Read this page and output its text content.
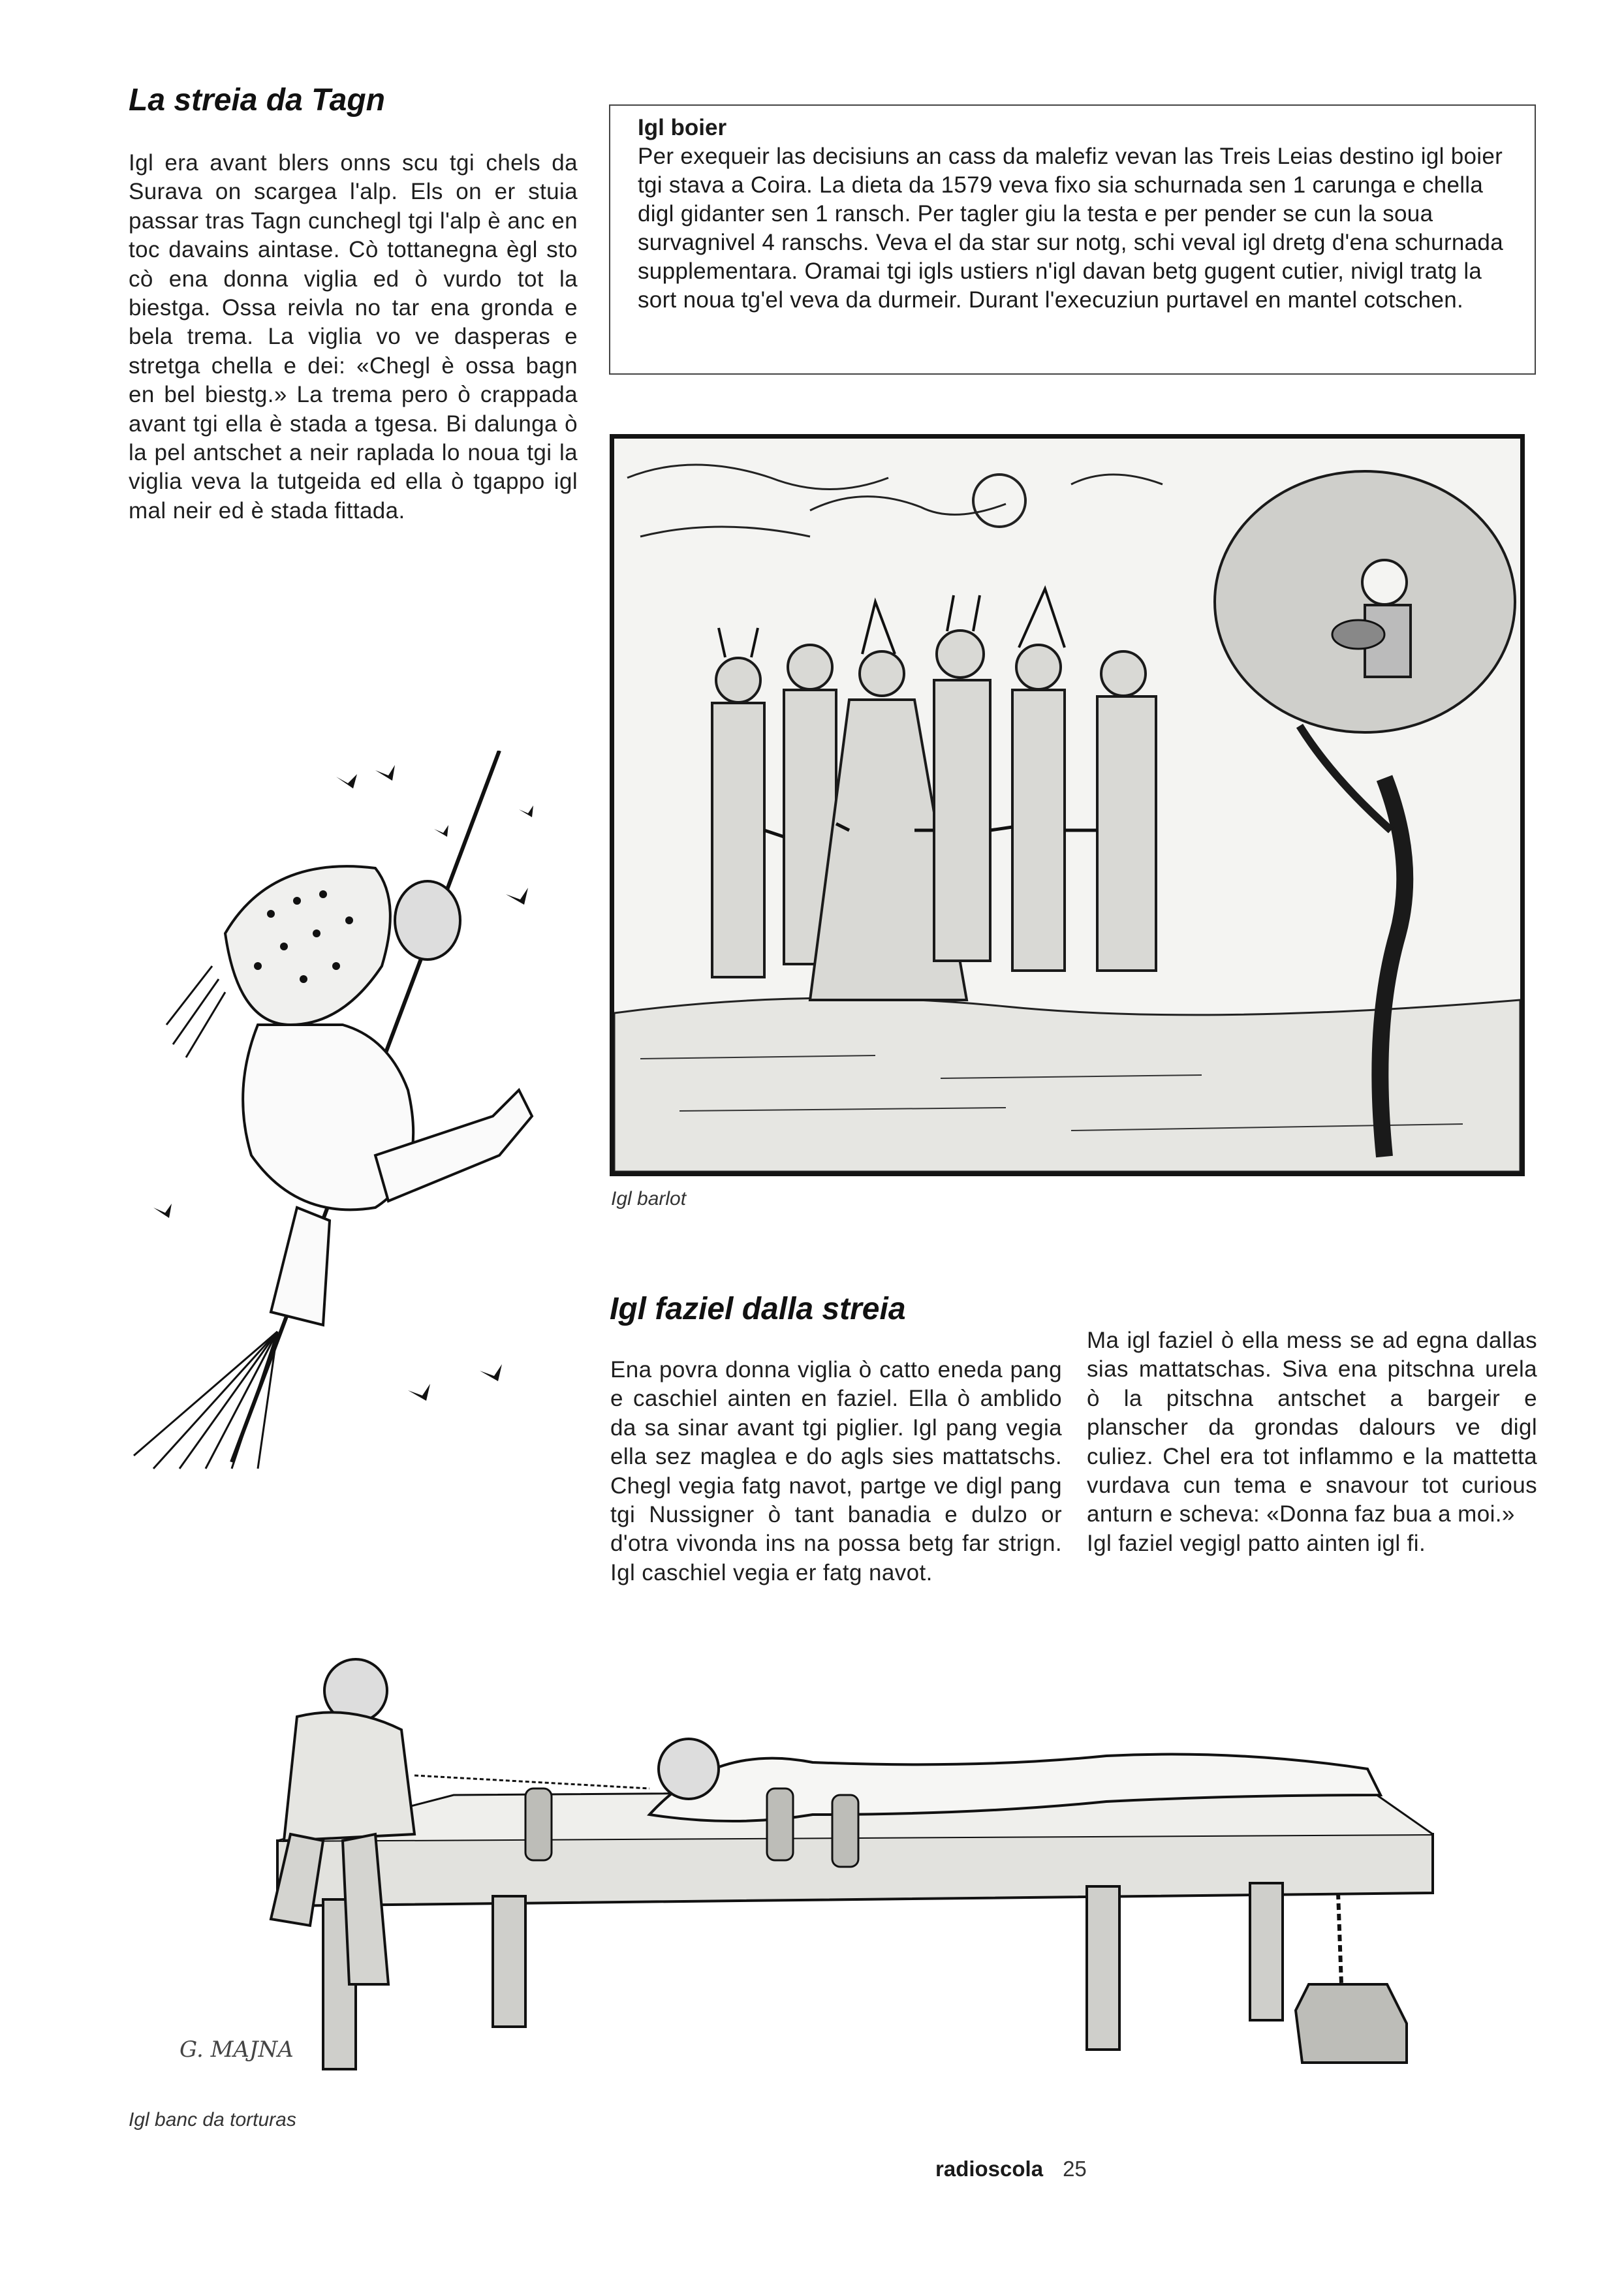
La streia da Tagn

Igl era avant blers onns scu tgi chels da Surava on scargea l'alp. Els on er stuia passar tras Tagn cunchegl tgi l'alp è anc en toc davains aintase. Cò tottanegna ègl sto cò ena donna viglia ed ò vurdo tot la biestga. Ossa reivla no tar ena gronda e bela trema. La viglia vo ve dasperas e stretga chella e dei: «Chegl è ossa bagn en bel biestg.» La trema pero ò crappada avant tgi ella è stada a tgesa. Bi dalunga ò la pel antschet a neir raplada lo noua tgi la viglia veva la tutgeida ed ella ò tgappo igl mal neir ed è stada fittada.

Igl boier

Per exequeir las decisiuns an cass da malefiz vevan las Treis Leias destino igl boier tgi stava a Coira. La dieta da 1579 veva fixo sia schurnada sen 1 carunga e chella digl gidanter sen 1 ransch. Per tagler giu la testa e per pender se cun la soua survagnivel 4 ranschs. Veva el da star sur notg, schi veval igl dretg d'ena schurnada supplementara. Oramai tgi igls ustiers n'igl davan betg gugent cutier, nivigl tratg la sort noua tg'el veva da durmeir. Durant l'execuziun purtavel en mantel cotschen.

Igl barlot
Igl faziel dalla streia

Ena povra donna viglia ò catto eneda pang e caschiel ainten en faziel. Ella ò amblido da sa sinar avant tgi piglier. Igl pang vegia ella sez maglea e do agls sies mattatschs. Chegl vegia fatg navot, partge ve digl pang tgi Nussigner ò tant banadia e dulzo or d'otra vivonda ins na possa betg far strign. Igl caschiel vegia er fatg navot.

Ma igl faziel ò ella mess se ad egna dallas sias mattatschas. Siva ena pitschna urela ò la pitschna antschet a bargeir e planscher da grondas dalours ve digl culiez. Chel era tot inflammo e la mattetta vurdava cun tema e snavour tot curious anturn e scheva: «Donna faz bua a moi.»

Igl faziel vegigl patto ainten igl fi.

G. MAJNA
Igl banc da torturas
radioscola 25
